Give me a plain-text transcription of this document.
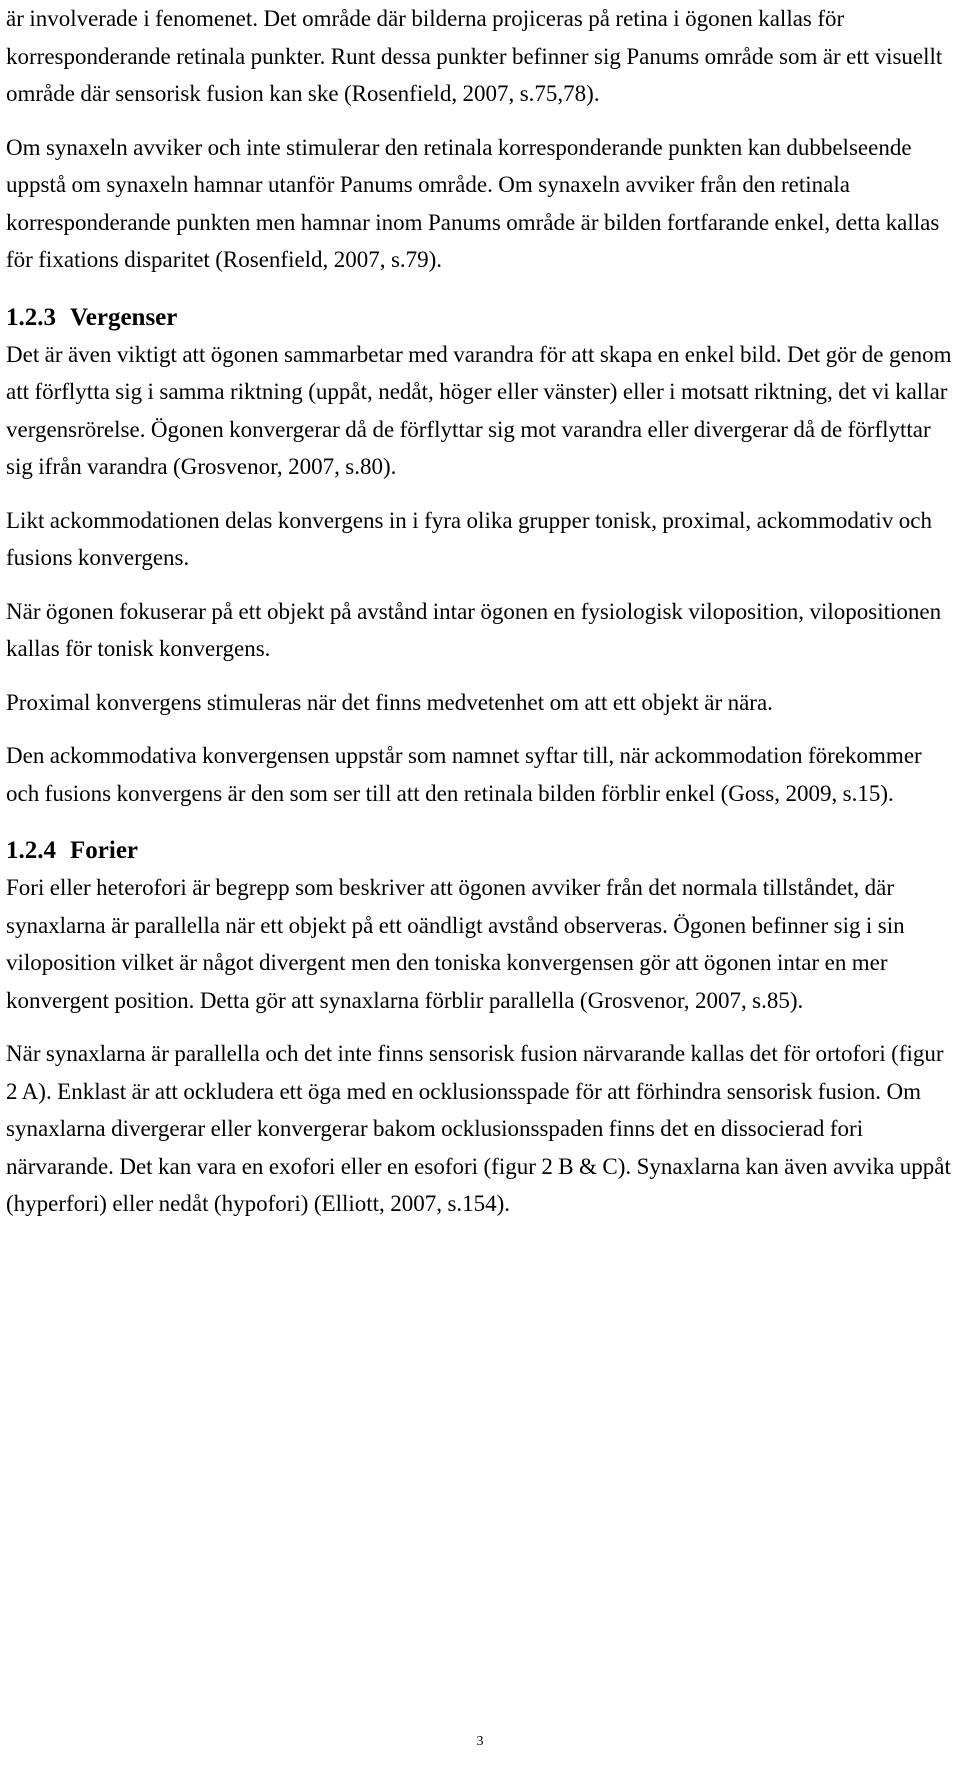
är involverade i fenomenet. Det område där bilderna projiceras på retina i ögonen kallas för korresponderande retinala punkter. Runt dessa punkter befinner sig Panums område som är ett visuellt område där sensorisk fusion kan ske (Rosenfield, 2007, s.75,78).

Om synaxeln avviker och inte stimulerar den retinala korresponderande punkten kan dubbelseende uppstå om synaxeln hamnar utanför Panums område. Om synaxeln avviker från den retinala korresponderande punkten men hamnar inom Panums område är bilden fortfarande enkel, detta kallas för fixations disparitet (Rosenfield, 2007, s.79).

1.2.3 Vergenser

Det är även viktigt att ögonen sammarbetar med varandra för att skapa en enkel bild. Det gör de genom att förflytta sig i samma riktning (uppåt, nedåt, höger eller vänster) eller i motsatt riktning, det vi kallar vergensrörelse. Ögonen konvergerar då de förflyttar sig mot varandra eller divergerar då de förflyttar sig ifrån varandra (Grosvenor, 2007, s.80).

Likt ackommodationen delas konvergens in i fyra olika grupper tonisk, proximal, ackommodativ och fusions konvergens.

När ögonen fokuserar på ett objekt på avstånd intar ögonen en fysiologisk viloposition, vilopositionen kallas för tonisk konvergens.

Proximal konvergens stimuleras när det finns medvetenhet om att ett objekt är nära.

Den ackommodativa konvergensen uppstår som namnet syftar till, när ackommodation förekommer och fusions konvergens är den som ser till att den retinala bilden förblir enkel (Goss, 2009, s.15).

1.2.4 Forier

Fori eller heterofori är begrepp som beskriver att ögonen avviker från det normala tillståndet, där synaxlarna är parallella när ett objekt på ett oändligt avstånd observeras. Ögonen befinner sig i sin viloposition vilket är något divergent men den toniska konvergensen gör att ögonen intar en mer konvergent position. Detta gör att synaxlarna förblir parallella (Grosvenor, 2007, s.85).

När synaxlarna är parallella och det inte finns sensorisk fusion närvarande kallas det för ortofori (figur 2 A). Enklast är att ockludera ett öga med en ocklusionsspade för att förhindra sensorisk fusion. Om synaxlarna divergerar eller konvergerar bakom ocklusionsspaden finns det en dissocierad fori närvarande. Det kan vara en exofori eller en esofori (figur 2 B & C). Synaxlarna kan även avvika uppåt (hyperfori) eller nedåt (hypofori) (Elliott, 2007, s.154).

3
